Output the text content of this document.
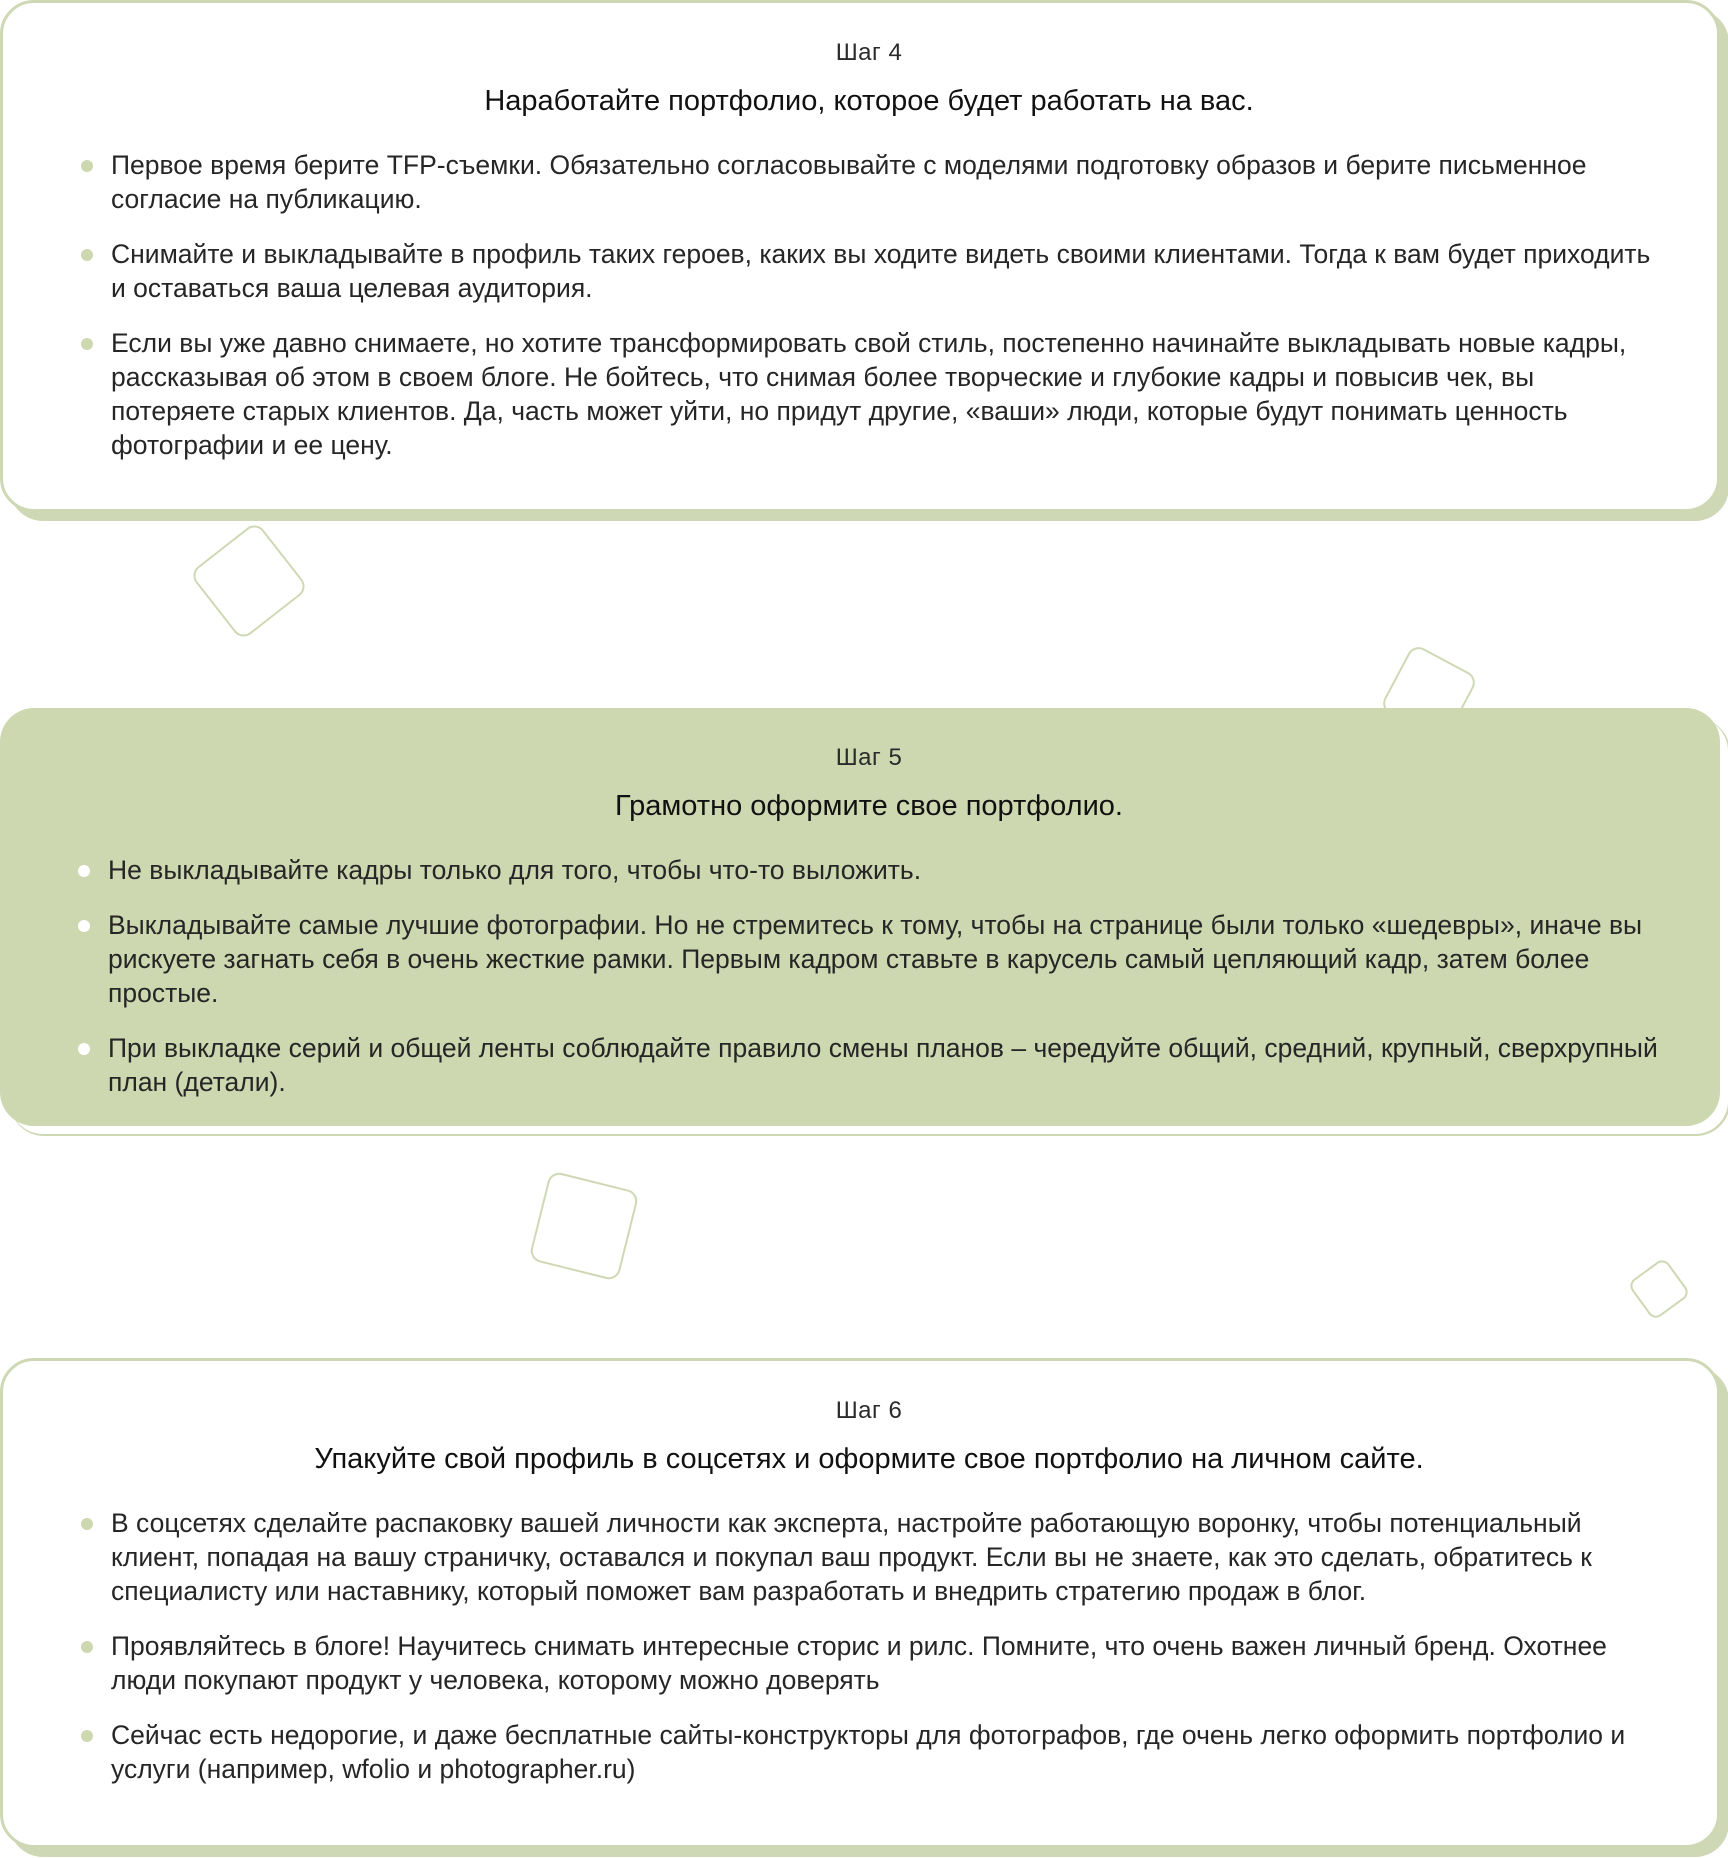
Шаг 4
Наработайте портфолио, которое будет работать на вас.
Первое время берите TFP-съемки. Обязательно согласовывайте с моделями подготовку образов и берите письменное согласие на публикацию.
Снимайте и выкладывайте в профиль таких героев, каких вы ходите видеть своими клиентами. Тогда к вам будет приходить и оставаться ваша целевая аудитория.
Если вы уже давно снимаете, но хотите трансформировать свой стиль, постепенно начинайте выкладывать новые кадры, рассказывая об этом в своем блоге. Не бойтесь, что снимая более творческие и глубокие кадры и повысив чек, вы потеряете старых клиентов. Да, часть может уйти, но придут другие, «ваши» люди, которые будут понимать ценность фотографии и ее цену.
Шаг 5
Грамотно оформите свое портфолио.
Не выкладывайте кадры только для того, чтобы что-то выложить.
Выкладывайте самые лучшие фотографии. Но не стремитесь к тому, чтобы на странице были только «шедевры», иначе вы рискуете загнать себя в очень жесткие рамки. Первым кадром ставьте в карусель самый цепляющий кадр, затем более простые.
При выкладке серий и общей ленты соблюдайте правило смены планов – чередуйте общий, средний, крупный, сверхрупный план (детали).
Шаг 6
Упакуйте свой профиль в соцсетях и оформите свое портфолио на личном сайте.
В соцсетях сделайте распаковку вашей личности как эксперта, настройте работающую воронку, чтобы потенциальный клиент, попадая на вашу страничку, оставался и покупал ваш продукт. Если вы не знаете, как это сделать, обратитесь к специалисту или наставнику, который поможет вам разработать и внедрить стратегию продаж в блог.
Проявляйтесь в блоге! Научитесь снимать интересные сторис и рилс. Помните, что очень важен личный бренд. Охотнее люди покупают продукт у человека, которому можно доверять
Сейчас есть недорогие, и даже бесплатные сайты-конструкторы для фотографов, где очень легко оформить портфолио и услуги (например, wfolio и photographer.ru)
